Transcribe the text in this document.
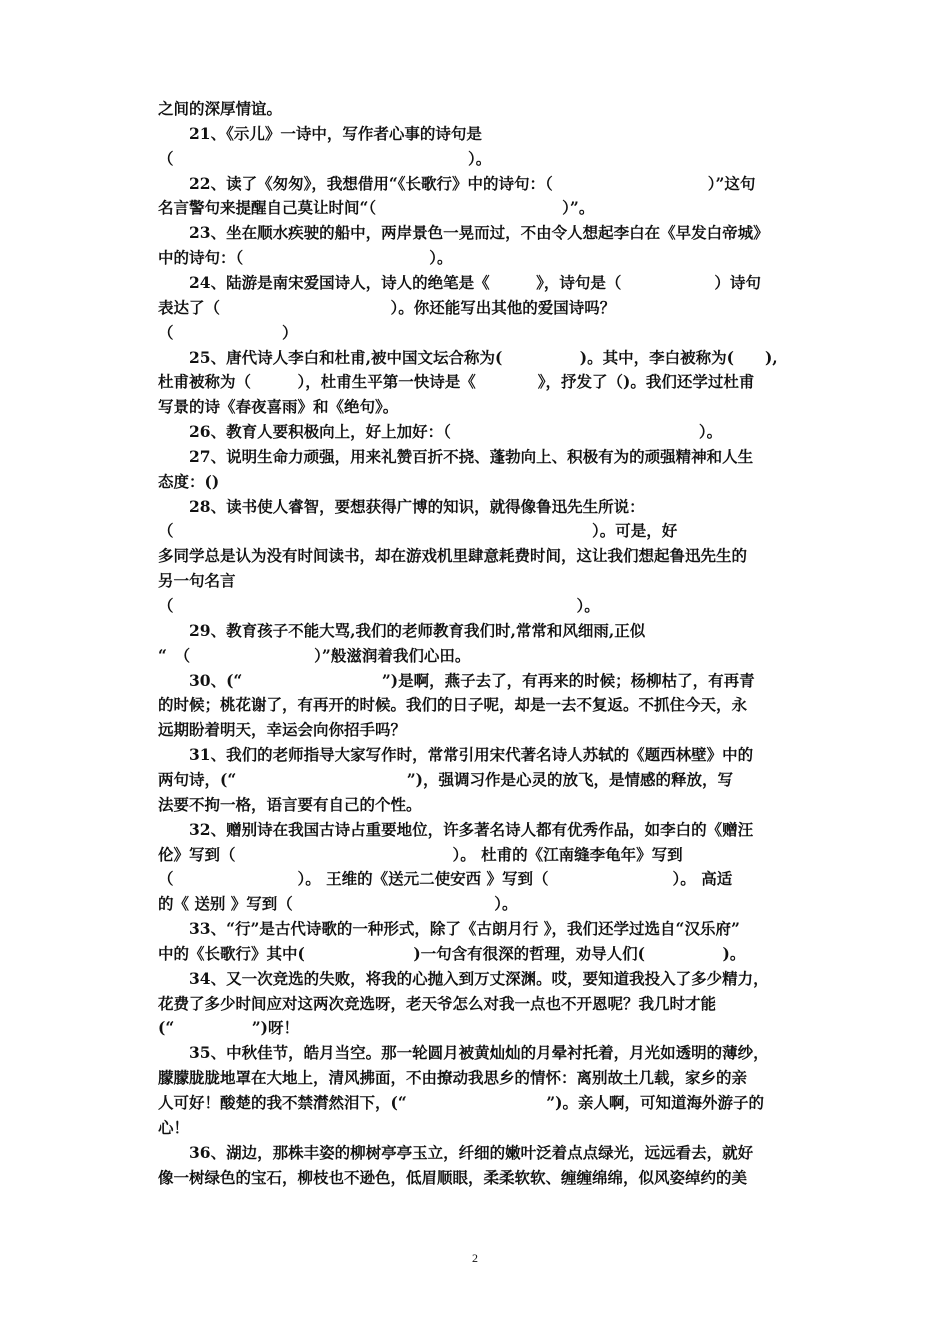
之间的深厚情谊。
　　21、《示儿》一诗中，写作者心事的诗句是
（　　　　　　　　　　　　　　　　　　　）。
　　22、读了《匆匆》，我想借用“《长歌行》中的诗句：（　　　　　　　　　　）”这句
名言警句来提醒自己莫让时间“（　　　　　　　　　　　　）”。
　　23、坐在顺水疾驶的船中，两岸景色一晃而过，不由令人想起李白在《早发白帝城》
中的诗句：（　　　　　　　　　　　　）。
　　24、陆游是南宋爱国诗人，诗人的绝笔是《　　　》，诗句是（　　　　　　）诗句
表达了（　　　　　　　　　　　）。你还能写出其他的爱国诗吗？
（　　　　　　　）
　　25、唐代诗人李白和杜甫,被中国文坛合称为(　　　　　)。其中，李白被称为(　　),
杜甫被称为（　　　），杜甫生平第一快诗是《　　　　》，抒发了（)。我们还学过杜甫
写景的诗《春夜喜雨》和《绝句》。
　　26、教育人要积极向上，好上加好：（　　　　　　　　　　　　　　　　）。
　　27、说明生命力顽强，用来礼赞百折不挠、蓬勃向上、积极有为的顽强精神和人生
态度：()
　　28、读书使人睿智，要想获得广博的知识，就得像鲁迅先生所说：
（　　　　　　　　　　　　　　　　　　　　　　　　　　　）。可是，好
多同学总是认为没有时间读书，却在游戏机里肆意耗费时间，这让我们想起鲁迅先生的
另一句名言
（　　　　　　　　　　　　　　　　　　　　　　　　　　）。
　　29、教育孩子不能大骂,我们的老师教育我们时,常常和风细雨,正似
“　（　　　　　　　　）”般滋润着我们心田。
　　30、(“　　　　　　　　　”)是啊，燕子去了，有再来的时候；杨柳枯了，有再青
的时候；桃花谢了，有再开的时候。我们的日子呢，却是一去不复返。不抓住今天，永
远期盼着明天，幸运会向你招手吗？
　　31、我们的老师指导大家写作时，常常引用宋代著名诗人苏轼的《题西林壁》中的
两句诗，(“　　　　　　　　　　　”)，强调习作是心灵的放飞，是情感的释放，写
法要不拘一格，语言要有自己的个性。
　　32、赠别诗在我国古诗占重要地位，许多著名诗人都有优秀作品，如李白的《赠汪
伦》写到（　　　　　　　　　　　　　　）。 杜甫的《江南缝李龟年》写到
（　　　　　　　　）。 王维的《送元二使安西 》写到（　　　　　　　　）。 高适
的《 送别 》写到（　　　　　　　　　　　　　）。
　　33、“行”是古代诗歌的一种形式，除了《古朗月行 》，我们还学过选自“汉乐府”
中的《长歌行》其中(　　　　　　　)一句含有很深的哲理，劝导人们(　　　　　)。
　　34、又一次竞选的失败，将我的心抛入到万丈深渊。哎，要知道我投入了多少精力，
花费了多少时间应对这两次竞选呀，老天爷怎么对我一点也不开恩呢？我几时才能
(“　　　　　”)呀！
　　35、中秋佳节，皓月当空。那一轮圆月被黄灿灿的月晕衬托着，月光如透明的薄纱，
朦朦胧胧地罩在大地上，清风拂面，不由撩动我思乡的情怀：离别故土几载，家乡的亲
人可好！酸楚的我不禁潸然泪下，(“　　　　　　　　　”)。亲人啊，可知道海外游子的
心！
　　36、湖边，那株丰姿的柳树亭亭玉立，纤细的嫩叶泛着点点绿光，远远看去，就好
像一树绿色的宝石，柳枝也不逊色，低眉顺眼，柔柔软软、缠缠绵绵，似风姿绰约的美
2
